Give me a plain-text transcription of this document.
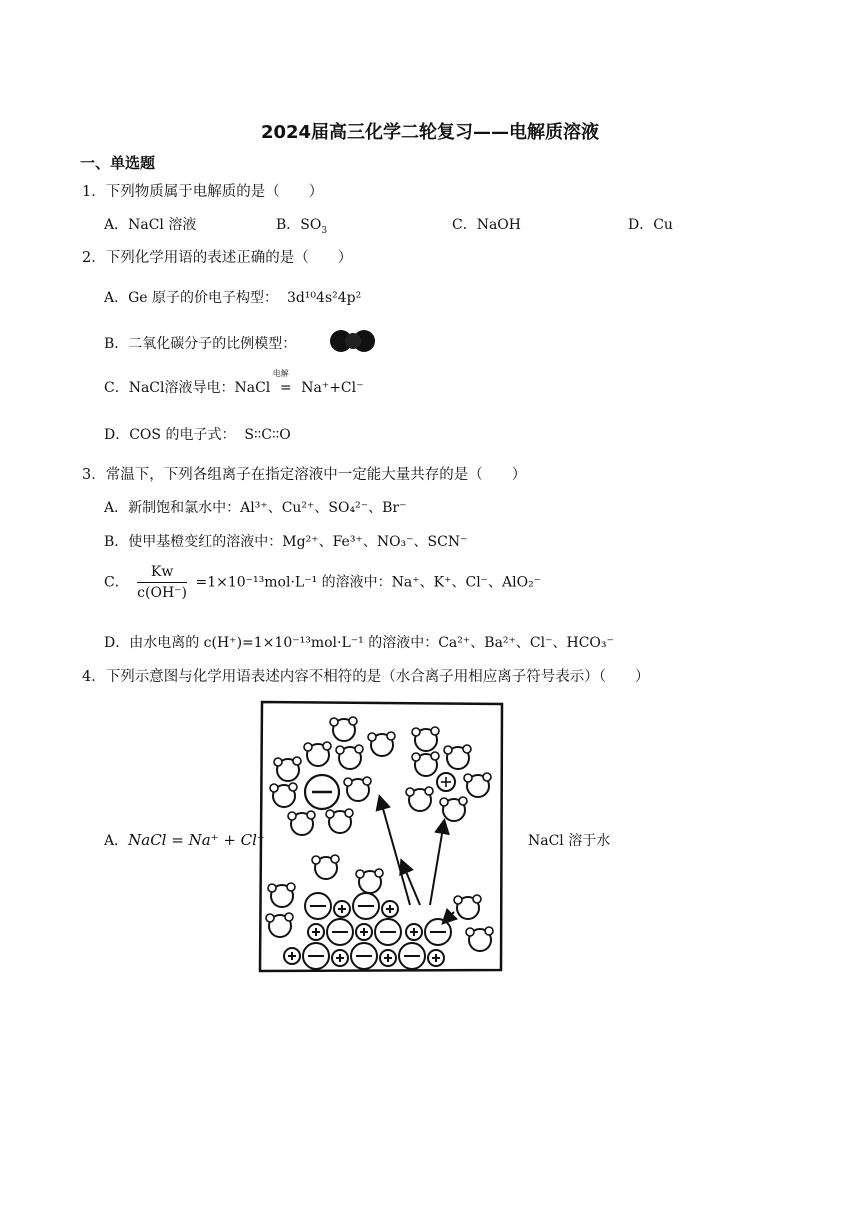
2024届高三化学二轮复习——电解质溶液
一、单选题
1．下列物质属于电解质的是（　　）
A．NaCl 溶液	B．$SO_3$	C．NaOH	D．Cu
2．下列化学用语的表述正确的是（　　）
A．Ge 原子的价电子构型： 3d¹⁰4s²4p²
B．二氧化碳分子的比例模型：
C．NaCl溶液导电：NaCl
电解
= Na⁺+Cl⁻
D．COS 的电子式： S∶∶C∶∶O
3．常温下，下列各组离子在指定溶液中一定能大量共存的是（　　）
A．新制饱和氯水中：Al³⁺、Cu²⁺、SO₄²⁻、Br⁻
B．使甲基橙变红的溶液中：Mg²⁺、Fe³⁺、NO₃⁻、SCN⁻
C． $\frac{Kw}{c(OH^-)} =1\times 10^{-13}mol\cdot L^{-1}$ 的溶液中：Na⁺、K⁺、Cl⁻、AlO₂⁻
D．由水电离的 c(H⁺)=1×10⁻¹³mol·L⁻¹ 的溶液中：Ca²⁺、Ba²⁺、Cl⁻、HCO₃⁻
4．下列示意图与化学用语表述内容不相符的是（水合离子用相应离子符号表示）（　　）
A．NaCl = Na⁺ + Cl⁻	NaCl 溶于水
